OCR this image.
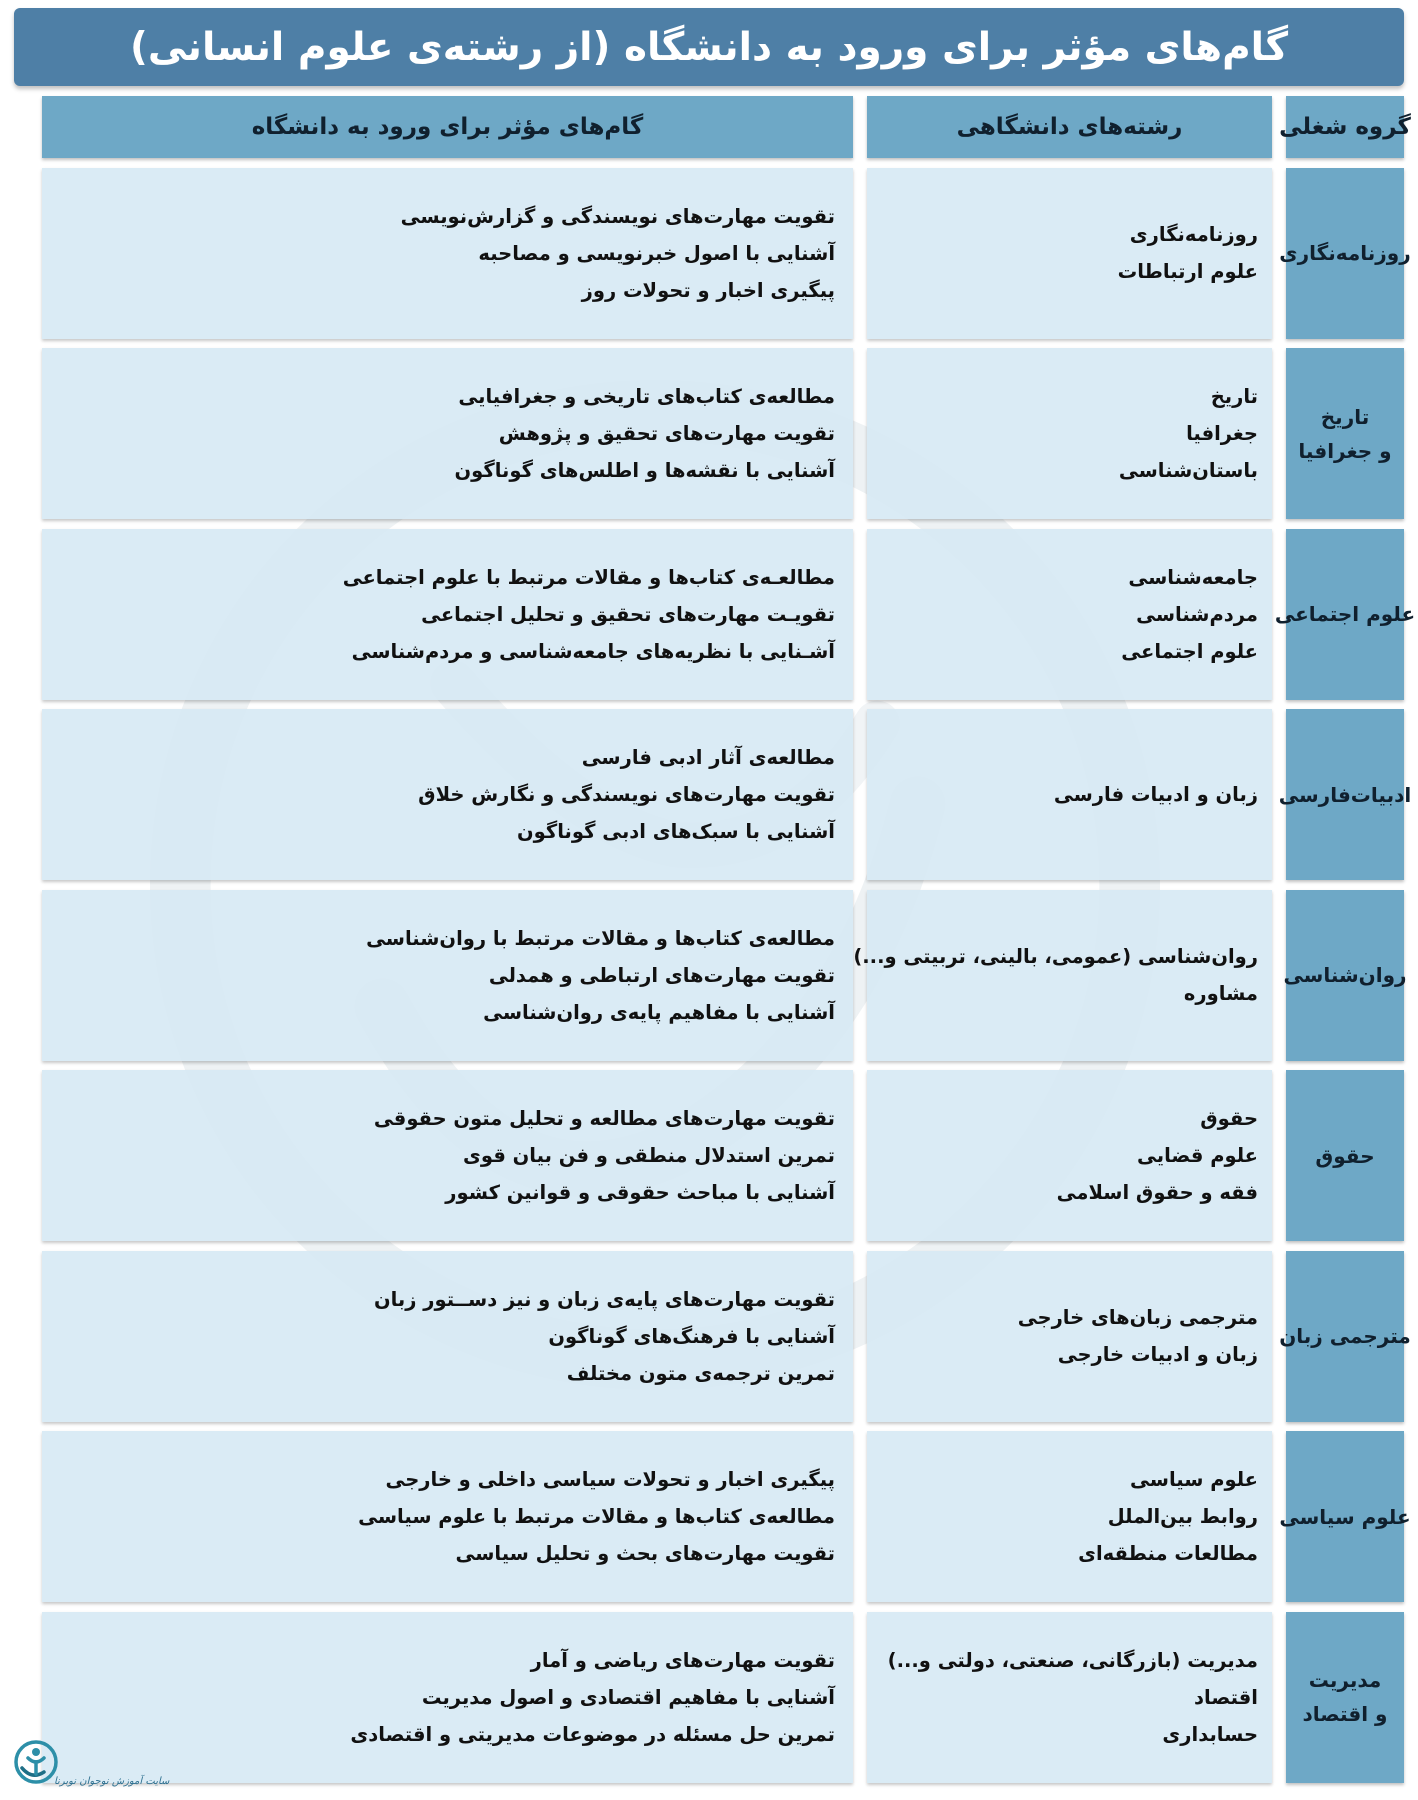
گام‌های مؤثر برای ورود به دانشگاه (از رشته‌ی علوم انسانی)
گروه شغلی
رشته‌های دانشگاهی
گام‌های مؤثر برای ورود به دانشگاه
روزنامه‌نگاری
روزنامه‌نگاری
علوم ارتباطات
تقویت مهارت‌های نویسندگی و گزارش‌نویسی
آشنایی با اصول خبرنویسی و مصاحبه
پیگیری اخبار و تحولات روز
تاریخ
و جغرافیا
تاریخ
جغرافیا
باستان‌شناسی
مطالعه‌ی کتاب‌های تاریخی و جغرافیایی
تقویت مهارت‌های تحقیق و پژوهش
آشنایی با نقشه‌ها و اطلس‌های گوناگون
علوم اجتماعی
جامعه‌شناسی
مردم‌شناسی
علوم اجتماعی
مطالعـه‌ی کتاب‌ها و مقالات مرتبط با علوم اجتماعی
تقویـت مهارت‌های تحقیق و تحلیل اجتماعی
آشـنایی با نظریه‌های جامعه‌شناسی و مردم‌شناسی
ادبیات‌فارسی
زبان و ادبیات فارسی
مطالعه‌ی آثار ادبی فارسی
تقویت مهارت‌های نویسندگی و نگارش خلاق
آشنایی با سبک‌های ادبی گوناگون
روان‌شناسی
روان‌شناسی (عمومی، بالینی، تربیتی و...)
مشاوره
مطالعه‌ی کتاب‌ها و مقالات مرتبط با روان‌شناسی
تقویت مهارت‌های ارتباطی و همدلی
آشنایی با مفاهیم پایه‌ی روان‌شناسی
حقوق
حقوق
علوم قضایی
فقه و حقوق اسلامی
تقویت مهارت‌های مطالعه و تحلیل متون حقوقی
تمرین استدلال منطقی و فن بیان قوی
آشنایی با مباحث حقوقی و قوانین کشور
مترجمی زبان
مترجمی زبان‌های خارجی
زبان و ادبیات خارجی
تقویت مهارت‌های پایه‌ی زبان و نیز دســتور زبان
آشنایی با فرهنگ‌های گوناگون
تمرین ترجمه‌ی متون مختلف
علوم سیاسی
علوم سیاسی
روابط بین‌الملل
مطالعات منطقه‌ای
پیگیری اخبار و تحولات سیاسی داخلی و خارجی
مطالعه‌ی کتاب‌ها و مقالات مرتبط با علوم سیاسی
تقویت مهارت‌های بحث و تحلیل سیاسی
مدیریت
و اقتصاد
مدیریت (بازرگانی، صنعتی، دولتی و...)
اقتصاد
حسابداری
تقویت مهارت‌های ریاضی و آمار
آشنایی با مفاهیم اقتصادی و اصول مدیریت
تمرین حل مسئله در موضوعات مدیریتی و اقتصادی
سایت آموزش نوجوان نوبرنا
